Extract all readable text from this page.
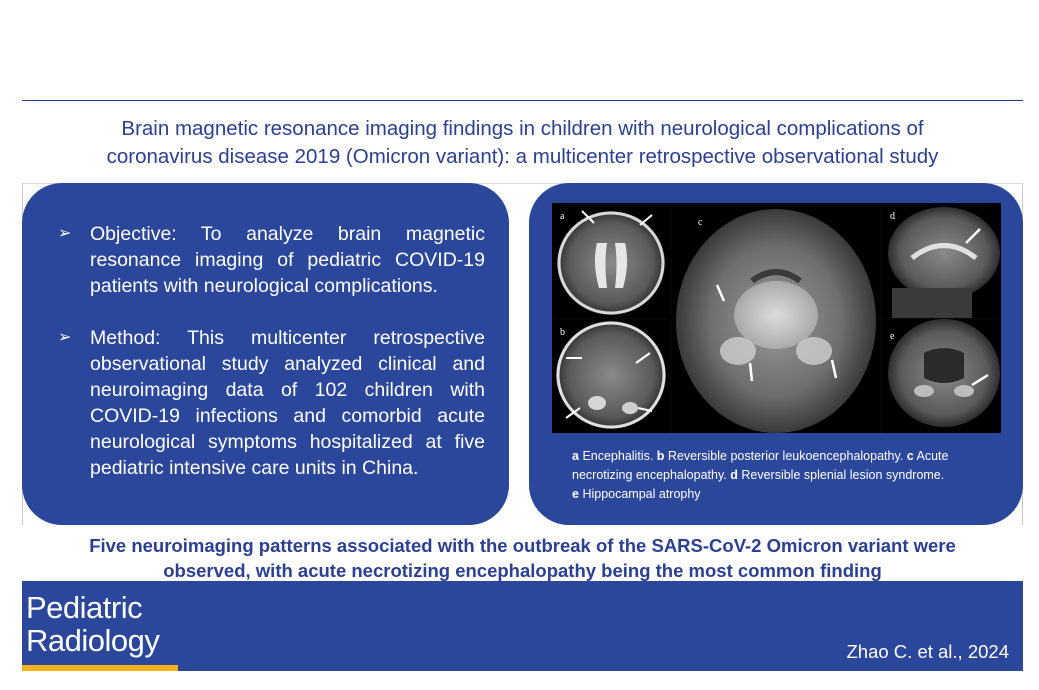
Brain magnetic resonance imaging findings in children with neurological complications of
coronavirus disease 2019 (Omicron variant): a multicenter retrospective observational study
➢ Objective: To analyze brain magnetic resonance imaging of pediatric COVID-19 patients with neurological complications.
➢ Method: This multicenter retrospective observational study analyzed clinical and neuroimaging data of 102 children with COVID-19 infections and comorbid acute neurological symptoms hospitalized at five pediatric intensive care units in China.
a
b
c
d
e
a Encephalitis. b Reversible posterior leukoencephalopathy. c Acute necrotizing encephalopathy. d Reversible splenial lesion syndrome.
e Hippocampal atrophy
Five neuroimaging patterns associated with the outbreak of the SARS-CoV-2 Omicron variant were
observed, with acute necrotizing encephalopathy being the most common finding
Pediatric
Radiology	Zhao C. et al., 2024
